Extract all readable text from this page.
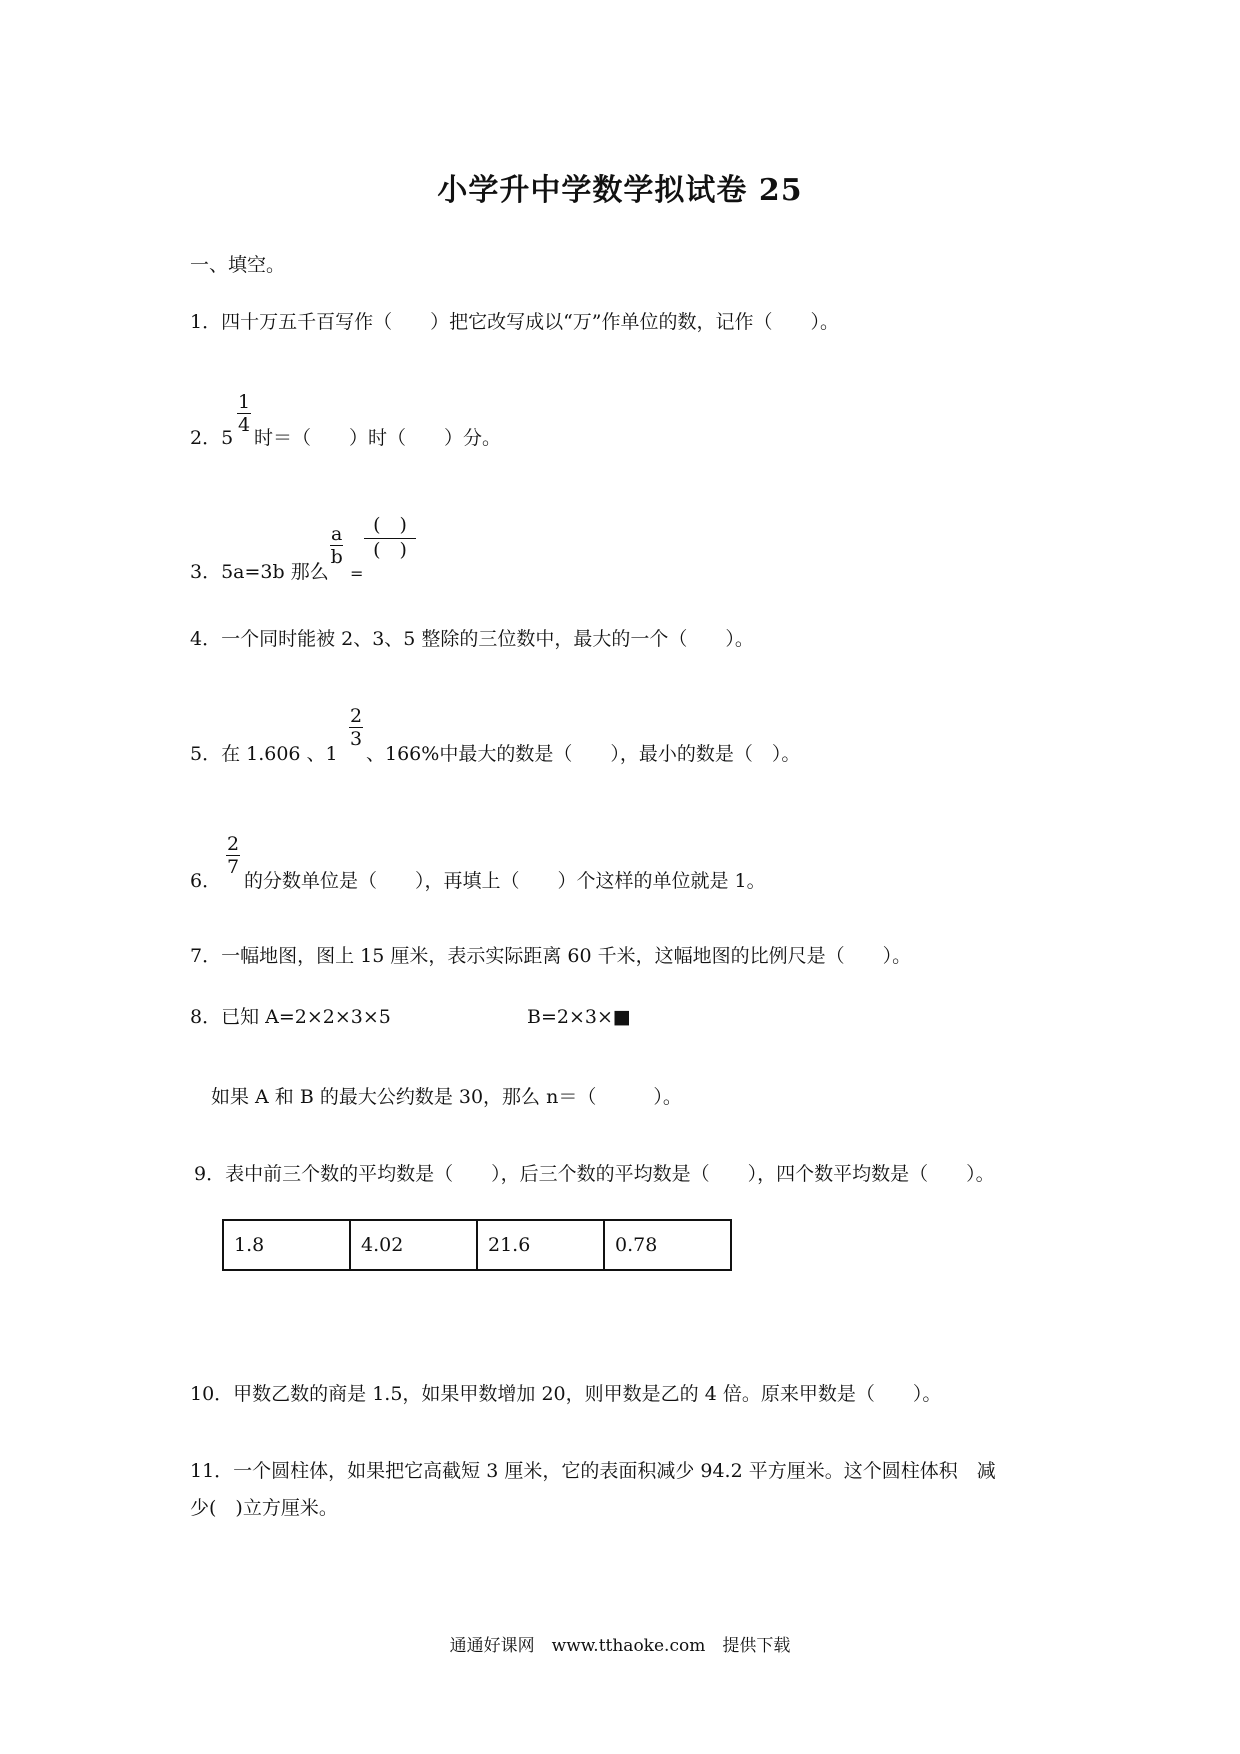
小学升中学数学拟试卷 25
一、填空。
1．四十万五千百写作（　　）把它改写成以“万”作单位的数，记作（　　）。
2．5
$\frac{1}{4}$
时＝（　　）时（　　）分。
3．5a=3b 那么
$\frac{a}{b}$
=
(　)
(　)
4．一个同时能被 2、3、5 整除的三位数中，最大的一个（　　）。
5．在 1.606 、1
$\frac{2}{3}$
、166%中最大的数是（　　），最小的数是（　）。
6．
$\frac{2}{7}$
的分数单位是（　　），再填上（　　）个这样的单位就是 1。
7．一幅地图，图上 15 厘米，表示实际距离 60 千米，这幅地图的比例尺是（　　）。
8．已知 A=2×2×3×5	B=2×3×■
如果 A 和 B 的最大公约数是 30，那么 n＝（　　　）。
9．表中前三个数的平均数是（　　），后三个数的平均数是（　　），四个数平均数是（　　）。
1.8	4.02	21.6	0.78
10．甲数乙数的商是 1.5，如果甲数增加 20，则甲数是乙的 4 倍。原来甲数是（　　）。
11．一个圆柱体，如果把它高截短 3 厘米，它的表面积减少 94.2 平方厘米。这个圆柱体积　减
少(　)立方厘米。
通通好课网　www.tthaoke.com　提供下载
